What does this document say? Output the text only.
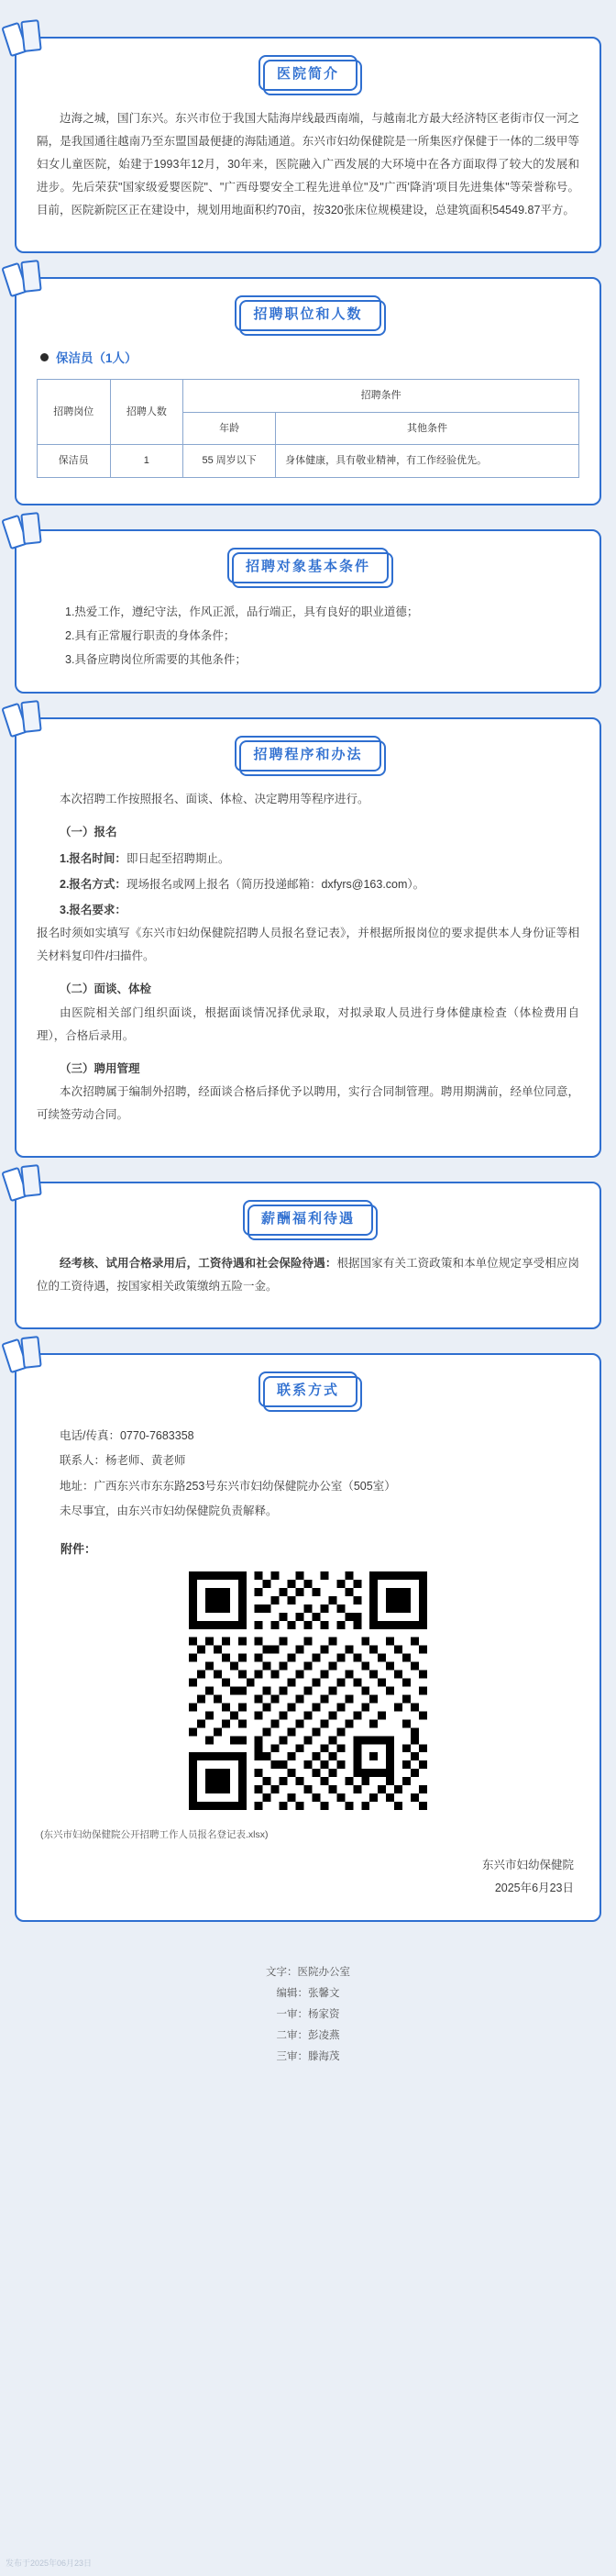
医院简介

边海之城，国门东兴。东兴市位于我国大陆海岸线最西南端，与越南北方最大经济特区老街市仅一河之隔，是我国通往越南乃至东盟国最便捷的海陆通道。东兴市妇幼保健院是一所集医疗保健于一体的二级甲等妇女儿童医院，始建于1993年12月，30年来，医院融入广西发展的大环境中在各方面取得了较大的发展和进步。先后荣获"国家级爱婴医院"、"广西母婴安全工程先进单位"及"广西'降消'项目先进集体"等荣誉称号。目前，医院新院区正在建设中，规划用地面积约70亩，按320张床位规模建设，总建筑面积54549.87平方。

招聘职位和人数
保洁员（1人）
招聘岗位	招聘人数	招聘条件	
		年龄	其他条件
保洁员	1	55 周岁以下	身体健康，具有敬业精神，有工作经验优先。
招聘对象基本条件
1.热爱工作，遵纪守法，作风正派，品行端正，具有良好的职业道德；
2.具有正常履行职责的身体条件；
3.具备应聘岗位所需要的其他条件；
招聘程序和办法

本次招聘工作按照报名、面谈、体检、决定聘用等程序进行。

（一）报名

1.报名时间：即日起至招聘期止。

2.报名方式：现场报名或网上报名（简历投递邮箱：dxfyrs@163.com）。

3.报名要求：

报名时须如实填写《东兴市妇幼保健院招聘人员报名登记表》，并根据所报岗位的要求提供本人身份证等相关材料复印件/扫描件。

（二）面谈、体检

由医院相关部门组织面谈，根据面谈情况择优录取，对拟录取人员进行身体健康检查（体检费用自理），合格后录用。

（三）聘用管理

本次招聘属于编制外招聘，经面谈合格后择优予以聘用，实行合同制管理。聘用期满前，经单位同意，可续签劳动合同。

薪酬福利待遇

经考核、试用合格录用后，工资待遇和社会保险待遇：根据国家有关工资政策和本单位规定享受相应岗位的工资待遇，按国家相关政策缴纳五险一金。

联系方式

电话/传真：0770-7683358

联系人：杨老师、黄老师

地址：广西东兴市东东路253号东兴市妇幼保健院办公室（505室）

未尽事宜，由东兴市妇幼保健院负责解释。

附件：

(东兴市妇幼保健院公开招聘工作人员报名登记表.xlsx)
东兴市妇幼保健院
2025年6月23日
文字：医院办公室
编辑：张馨文
一审：杨家资
二审：彭凌燕
三审：滕海茂
发布于2025年06月23日
